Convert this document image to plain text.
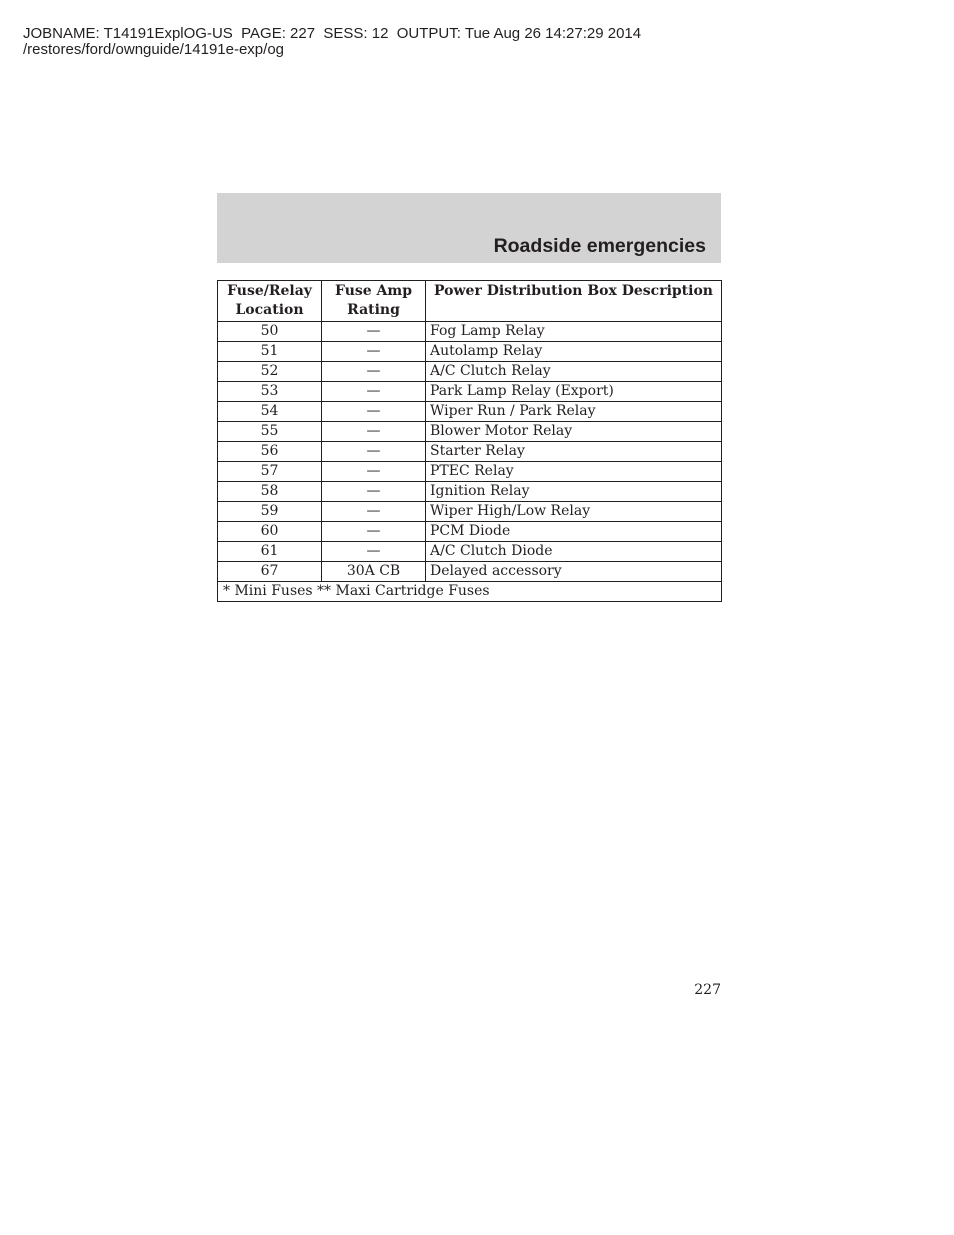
JOBNAME: T14191ExplOG-US  PAGE: 227  SESS: 12  OUTPUT: Tue Aug 26 14:27:29 2014
/restores/ford/ownguide/14191e-exp/og
Roadside emergencies
Fuse/Relay Location	Fuse Amp Rating	Power Distribution Box Description
50	—	Fog Lamp Relay
51	—	Autolamp Relay
52	—	A/C Clutch Relay
53	—	Park Lamp Relay (Export)
54	—	Wiper Run / Park Relay
55	—	Blower Motor Relay
56	—	Starter Relay
57	—	PTEC Relay
58	—	Ignition Relay
59	—	Wiper High/Low Relay
60	—	PCM Diode
61	—	A/C Clutch Diode
67	30A CB	Delayed accessory
* Mini Fuses ** Maxi Cartridge Fuses		
227
